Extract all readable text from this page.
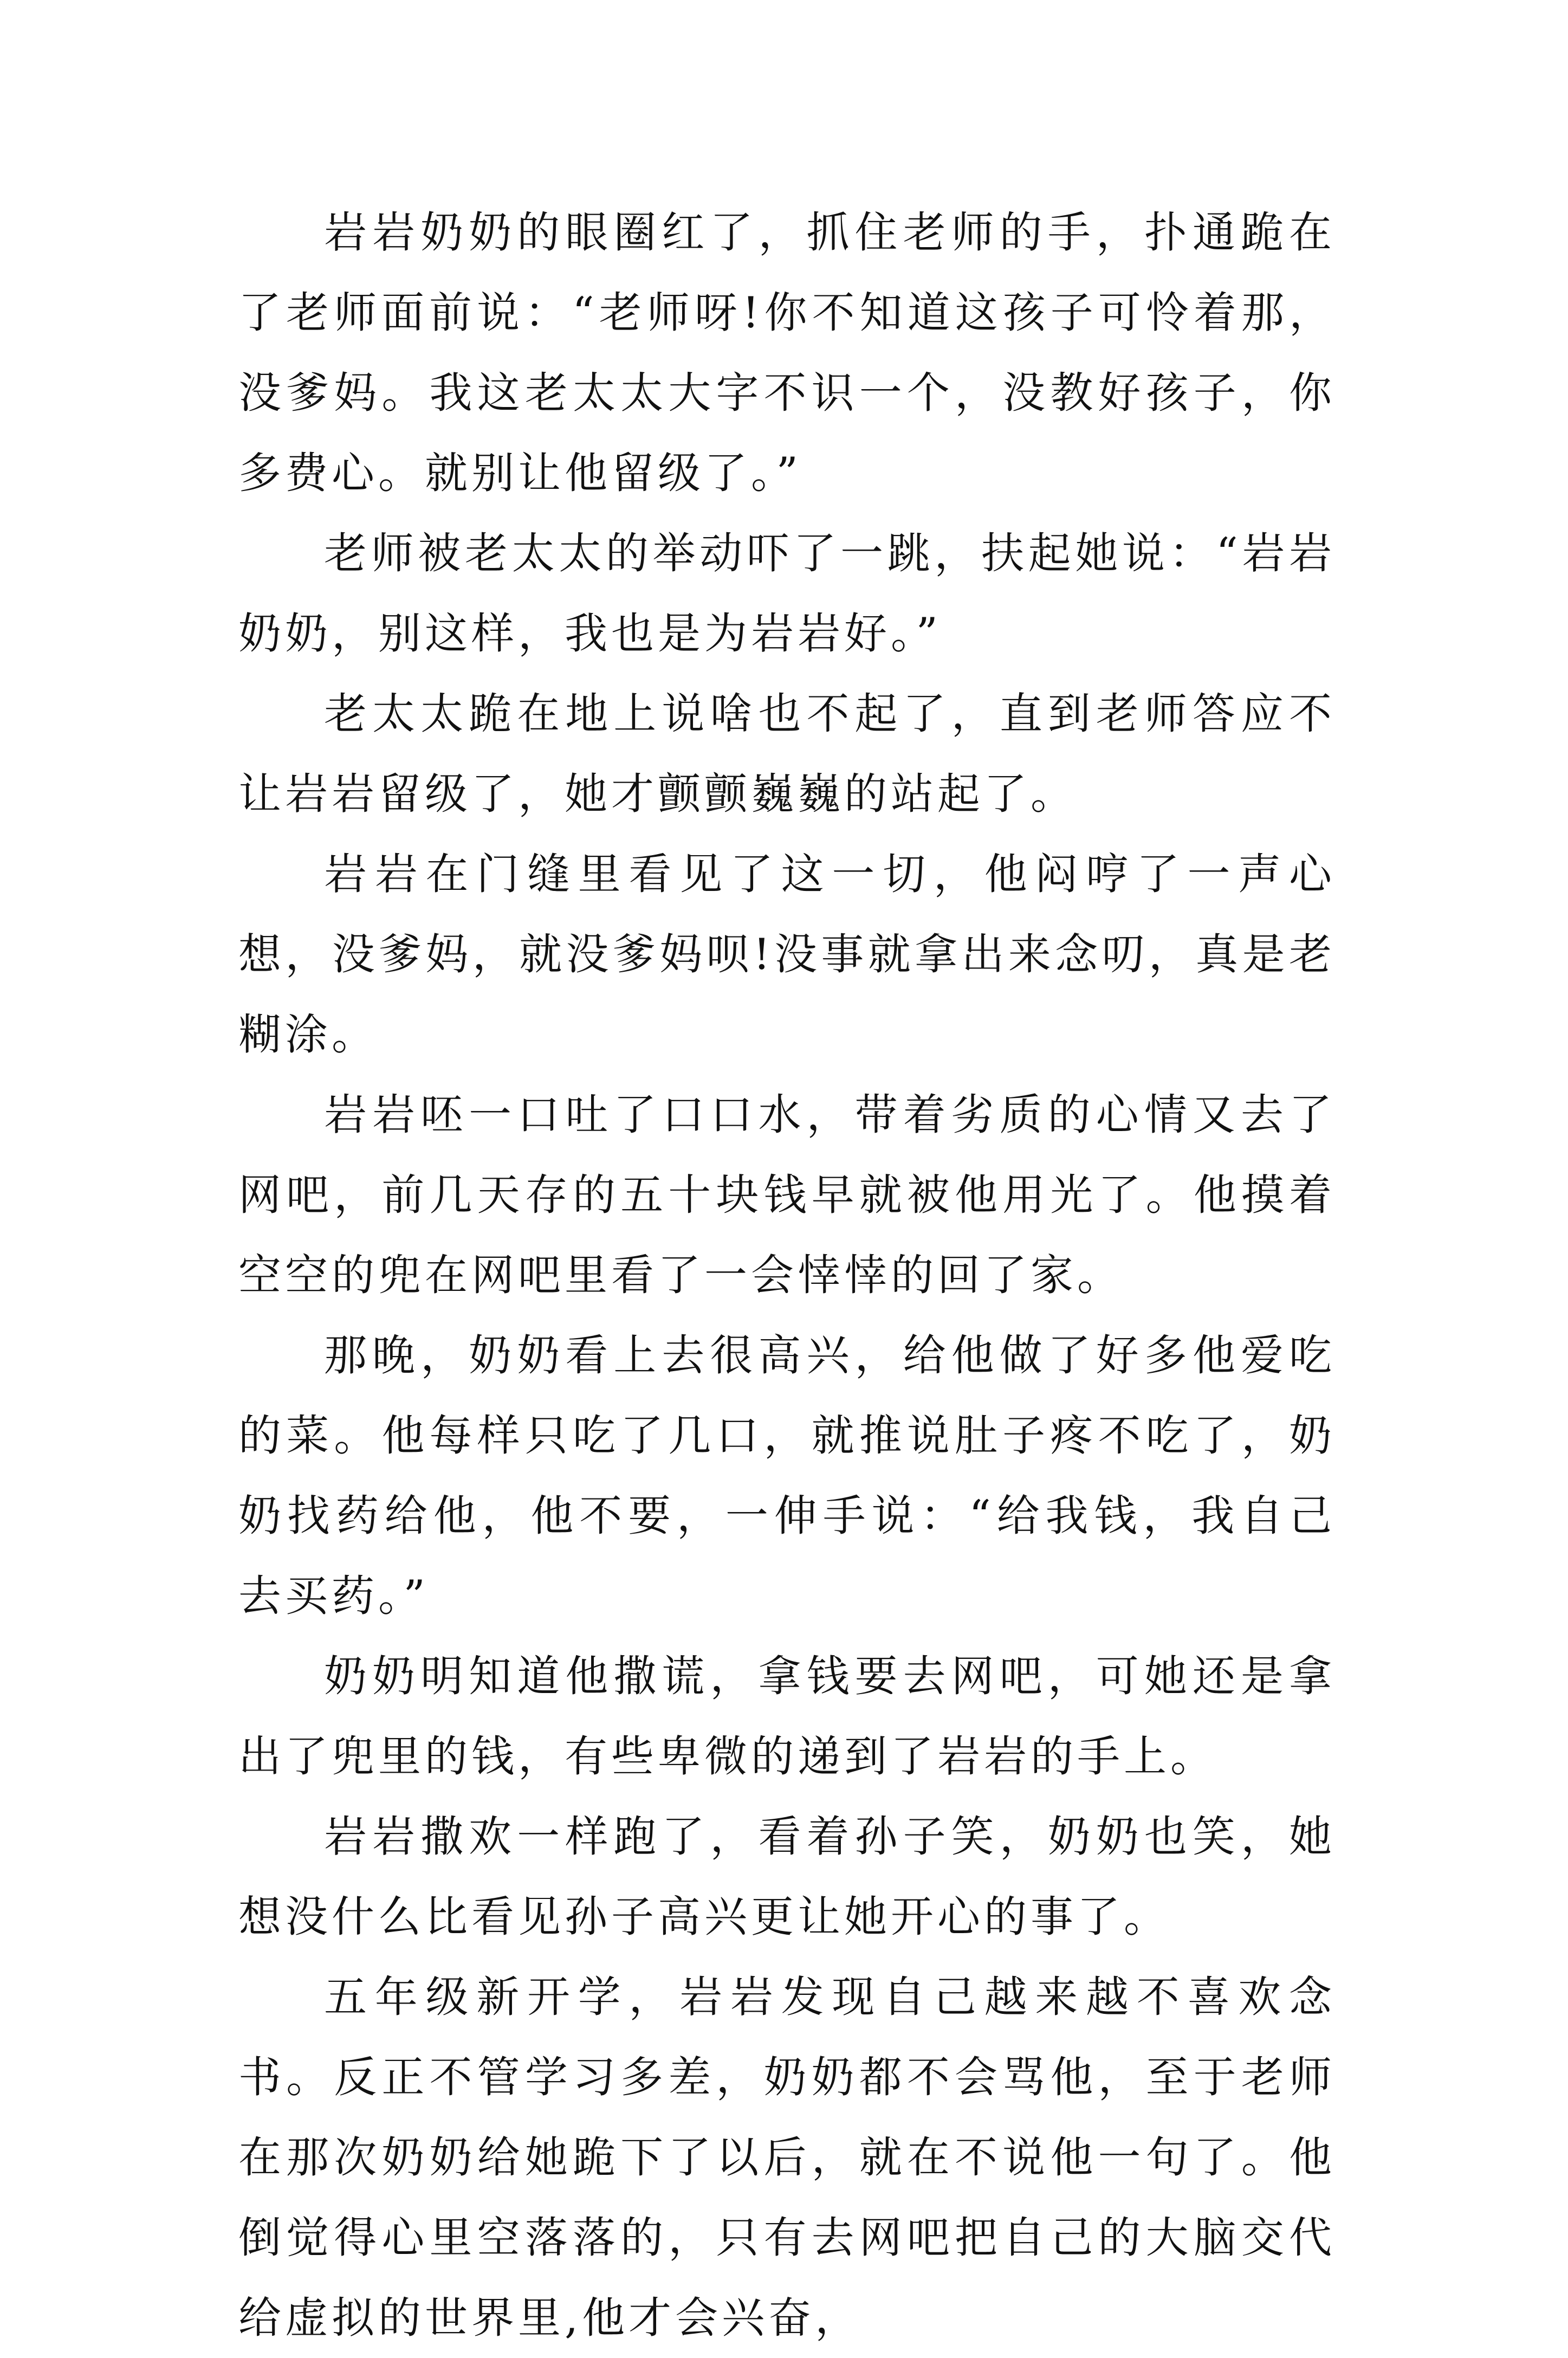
岩岩奶奶的眼圈红了，抓住老师的手，扑通跪在了老师面前说：“老师呀!你不知道这孩子可怜着那，没爹妈。我这老太太大字不识一个，没教好孩子，你多费心。就别让他留级了。”

老师被老太太的举动吓了一跳，扶起她说：“岩岩奶奶，别这样，我也是为岩岩好。”

老太太跪在地上说啥也不起了，直到老师答应不让岩岩留级了，她才颤颤巍巍的站起了。

岩岩在门缝里看见了这一切，他闷哼了一声心想，没爹妈，就没爹妈呗!没事就拿出来念叨，真是老糊涂。

岩岩呸一口吐了口口水，带着劣质的心情又去了网吧，前几天存的五十块钱早就被他用光了。他摸着空空的兜在网吧里看了一会悻悻的回了家。

那晚，奶奶看上去很高兴，给他做了好多他爱吃的菜。他每样只吃了几口，就推说肚子疼不吃了，奶奶找药给他，他不要，一伸手说：“给我钱，我自己去买药。”

奶奶明知道他撒谎，拿钱要去网吧，可她还是拿出了兜里的钱，有些卑微的递到了岩岩的手上。

岩岩撒欢一样跑了，看着孙子笑，奶奶也笑，她想没什么比看见孙子高兴更让她开心的事了。

五年级新开学，岩岩发现自己越来越不喜欢念书。反正不管学习多差，奶奶都不会骂他，至于老师在那次奶奶给她跪下了以后，就在不说他一句了。他倒觉得心里空落落的，只有去网吧把自己的大脑交代给虚拟的世界里,他才会兴奋，
